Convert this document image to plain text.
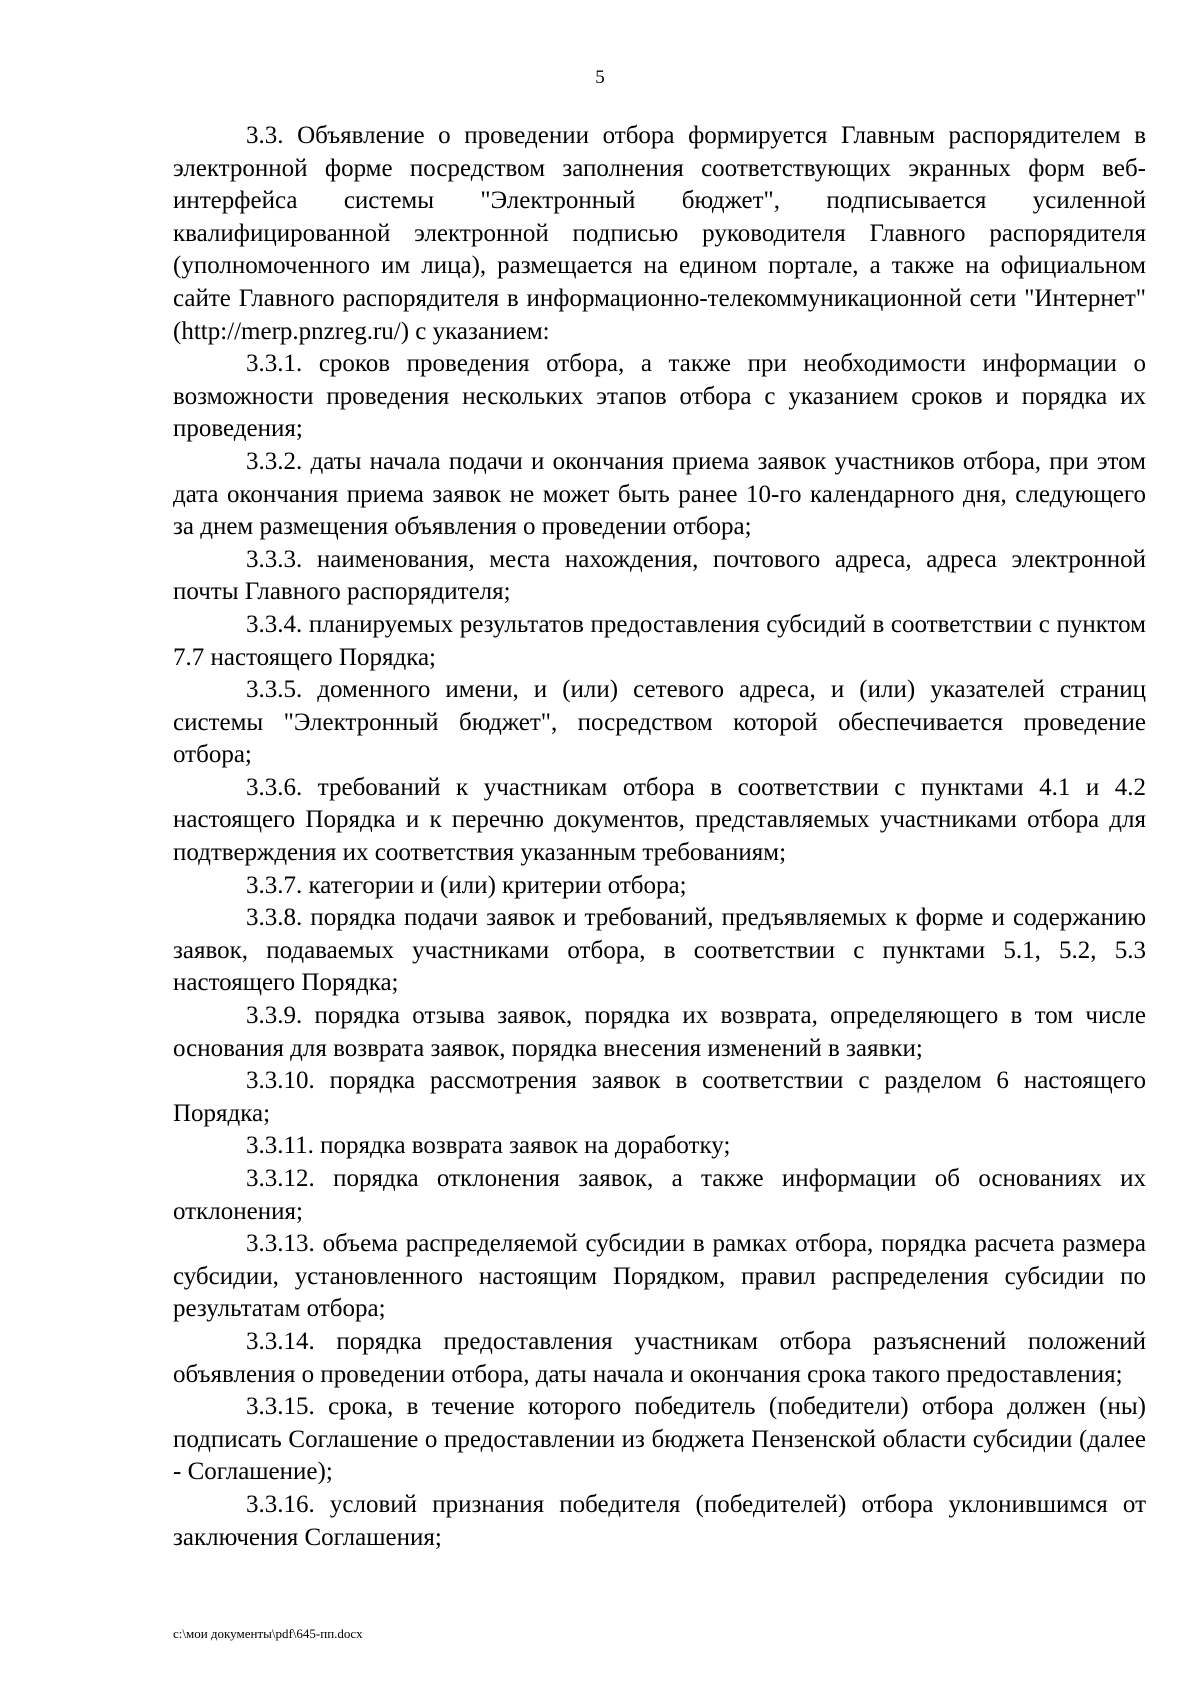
5

3.3. Объявление о проведении отбора формируется Главным распорядителем в электронной форме посредством заполнения соответствующих экранных форм веб-интерфейса системы "Электронный бюджет", подписывается усиленной квалифицированной электронной подписью руководителя Главного распорядителя (уполномоченного им лица), размещается на едином портале, а также на официальном сайте Главного распорядителя в информационно-телекоммуникационной сети "Интернет" (http://merp.pnzreg.ru/) с указанием:

3.3.1. сроков проведения отбора, а также при необходимости информации о возможности проведения нескольких этапов отбора с указанием сроков и порядка их проведения;

3.3.2. даты начала подачи и окончания приема заявок участников отбора, при этом дата окончания приема заявок не может быть ранее 10-го календарного дня, следующего за днем размещения объявления о проведении отбора;

3.3.3. наименования, места нахождения, почтового адреса, адреса электронной почты Главного распорядителя;

3.3.4. планируемых результатов предоставления субсидий в соответствии с пунктом 7.7 настоящего Порядка;

3.3.5. доменного имени, и (или) сетевого адреса, и (или) указателей страниц системы "Электронный бюджет", посредством которой обеспечивается проведение отбора;

3.3.6. требований к участникам отбора в соответствии с пунктами 4.1 и 4.2 настоящего Порядка и к перечню документов, представляемых участниками отбора для подтверждения их соответствия указанным требованиям;

3.3.7. категории и (или) критерии отбора;

3.3.8. порядка подачи заявок и требований, предъявляемых к форме и содержанию заявок, подаваемых участниками отбора, в соответствии с пунктами 5.1, 5.2, 5.3 настоящего Порядка;

3.3.9. порядка отзыва заявок, порядка их возврата, определяющего в том числе основания для возврата заявок, порядка внесения изменений в заявки;

3.3.10. порядка рассмотрения заявок в соответствии с разделом 6 настоящего Порядка;

3.3.11. порядка возврата заявок на доработку;

3.3.12. порядка отклонения заявок, а также информации об основаниях их отклонения;

3.3.13. объема распределяемой субсидии в рамках отбора, порядка расчета размера субсидии, установленного настоящим Порядком, правил распределения субсидии по результатам отбора;

3.3.14. порядка предоставления участникам отбора разъяснений положений объявления о проведении отбора, даты начала и окончания срока такого предоставления;

3.3.15. срока, в течение которого победитель (победители) отбора должен (ны) подписать Соглашение о предоставлении из бюджета Пензенской области субсидии (далее - Соглашение);

3.3.16. условий признания победителя (победителей) отбора уклонившимся от заключения Соглашения;

c:\мои документы\pdf\645-пп.docx
